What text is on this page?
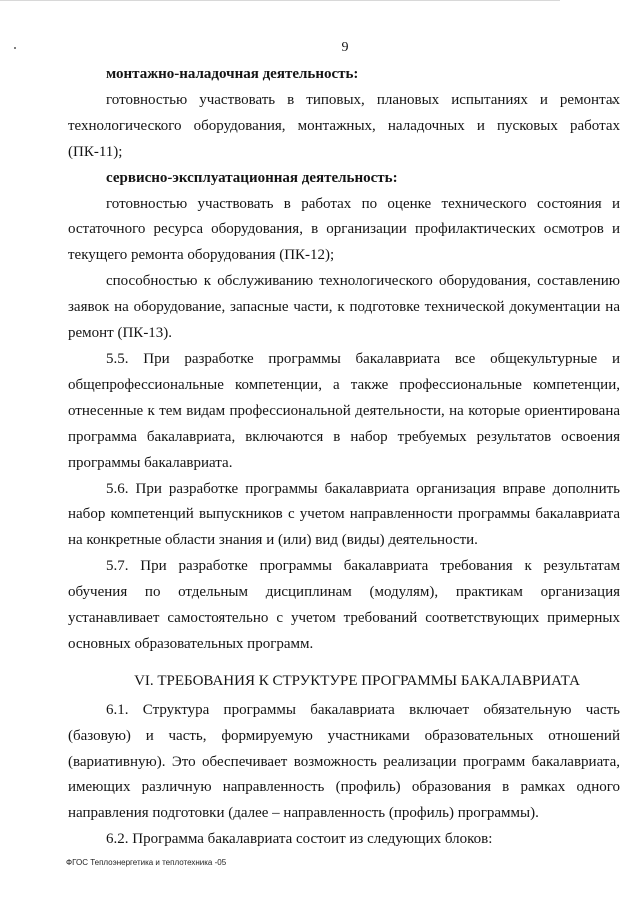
9

монтажно-наладочная деятельность:

готовностью участвовать в типовых, плановых испытаниях и ремонтах технологического оборудования, монтажных, наладочных и пусковых работах (ПК-11);

сервисно-эксплуатационная деятельность:

готовностью участвовать в работах по оценке технического состояния и остаточного ресурса оборудования, в организации профилактических осмотров и текущего ремонта оборудования (ПК-12);

способностью к обслуживанию технологического оборудования, составлению заявок на оборудование, запасные части, к подготовке технической документации на ремонт (ПК-13).

5.5. При разработке программы бакалавриата все общекультурные и общепрофессиональные компетенции, а также профессиональные компетенции, отнесенные к тем видам профессиональной деятельности, на которые ориентирована программа бакалавриата, включаются в набор требуемых результатов освоения программы бакалавриата.

5.6. При разработке программы бакалавриата организация вправе дополнить набор компетенций выпускников с учетом направленности программы бакалавриата на конкретные области знания и (или) вид (виды) деятельности.

5.7. При разработке программы бакалавриата требования к результатам обучения по отдельным дисциплинам (модулям), практикам организация устанавливает самостоятельно с учетом требований соответствующих примерных основных образовательных программ.

VI. ТРЕБОВАНИЯ К СТРУКТУРЕ ПРОГРАММЫ БАКАЛАВРИАТА

6.1. Структура программы бакалавриата включает обязательную часть (базовую) и часть, формируемую участниками образовательных отношений (вариативную). Это обеспечивает возможность реализации программ бакалавриата, имеющих различную направленность (профиль) образования в рамках одного направления подготовки (далее – направленность (профиль) программы).

6.2. Программа бакалавриата состоит из следующих блоков:

ФГОС Теплоэнергетика и теплотехника -05
